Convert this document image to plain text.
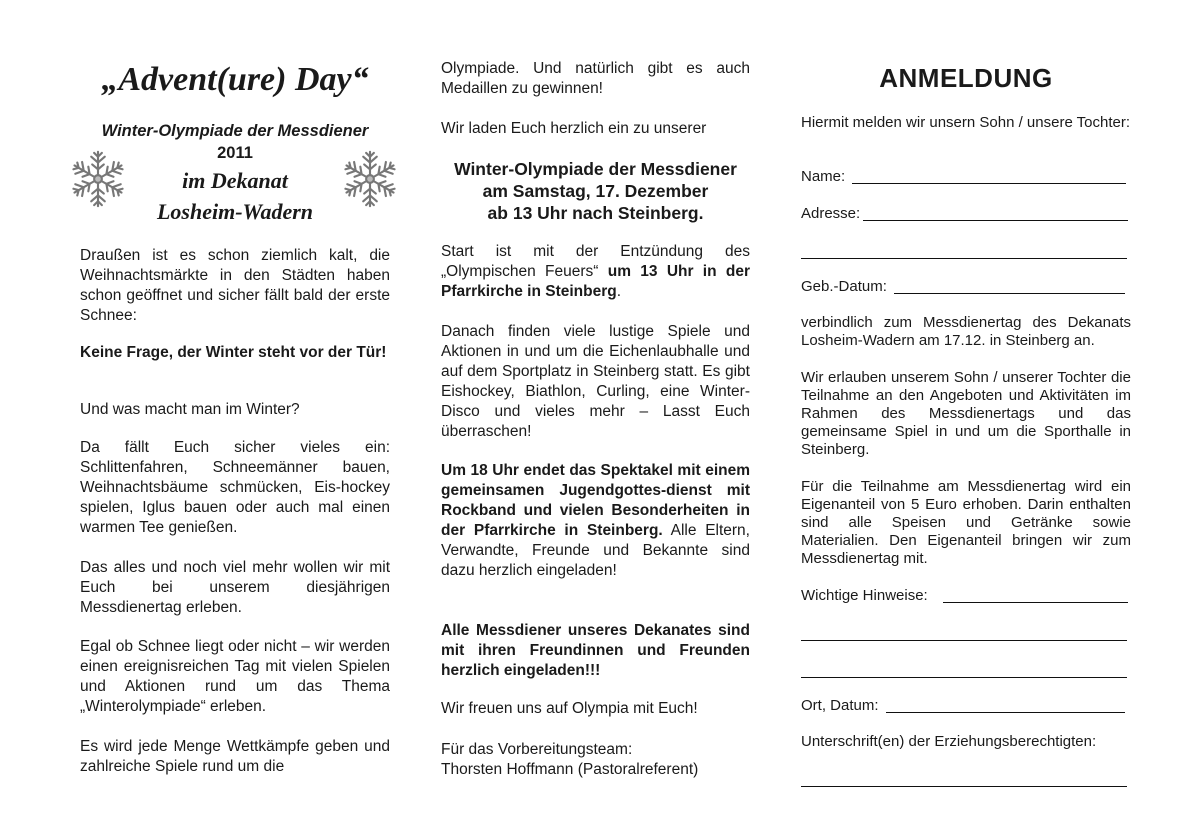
„Advent(ure) Day“
Winter-Olympiade der Messdiener
2011
im Dekanat
Losheim-Wadern

Draußen ist es schon ziemlich kalt, die Weihnachtsmärkte in den Städten haben schon geöffnet und sicher fällt bald der erste Schnee:

Keine Frage, der Winter steht vor der Tür!

Und was macht man im Winter?

Da fällt Euch sicher vieles ein: Schlittenfahren, Schneemänner bauen, Weihnachtsbäume schmücken, Eis-hockey spielen, Iglus bauen oder auch mal einen warmen Tee genießen.

Das alles und noch viel mehr wollen wir mit Euch bei unserem diesjährigen Messdienertag erleben.

Egal ob Schnee liegt oder nicht – wir werden einen ereignisreichen Tag mit vielen Spielen und Aktionen rund um das Thema „Winterolympiade“ erleben.

Es wird jede Menge Wettkämpfe geben und zahlreiche Spiele rund um die

Olympiade. Und natürlich gibt es auch Medaillen zu gewinnen!

Wir laden Euch herzlich ein zu unserer

Winter-Olympiade der Messdiener
am Samstag, 17. Dezember
ab 13 Uhr nach Steinberg.

Start ist mit der Entzündung des „Olympischen Feuers“ um 13 Uhr in der Pfarrkirche in Steinberg.

Danach finden viele lustige Spiele und Aktionen in und um die Eichenlaubhalle und auf dem Sportplatz in Steinberg statt. Es gibt Eishockey, Biathlon, Curling, eine Winter-Disco und vieles mehr – Lasst Euch überraschen!

Um 18 Uhr endet das Spektakel mit einem gemeinsamen Jugendgottes-dienst mit Rockband und vielen Besonderheiten in der Pfarrkirche in Steinberg. Alle Eltern, Verwandte, Freunde und Bekannte sind dazu herzlich eingeladen!

Alle Messdiener unseres Dekanates sind mit ihren Freundinnen und Freunden herzlich eingeladen!!!

Wir freuen uns auf Olympia mit Euch!

Für das Vorbereitungsteam:

Thorsten Hoffmann (Pastoralreferent)

ANMELDUNG

Hiermit melden wir unsern Sohn / unsere Tochter:

Name:
Adresse:
Geb.-Datum:

verbindlich zum Messdienertag des Dekanats Losheim-Wadern am 17.12. in Steinberg an.

Wir erlauben unserem Sohn / unserer Tochter die Teilnahme an den Angeboten und Aktivitäten im Rahmen des Messdienertags und das gemeinsame Spiel in und um die Sporthalle in Steinberg.

Für die Teilnahme am Messdienertag wird ein Eigenanteil von 5 Euro erhoben. Darin enthalten sind alle Speisen und Getränke sowie Materialien. Den Eigenanteil bringen wir zum Messdienertag mit.

Wichtige Hinweise:
Ort, Datum:

Unterschrift(en) der Erziehungsberechtigten:
